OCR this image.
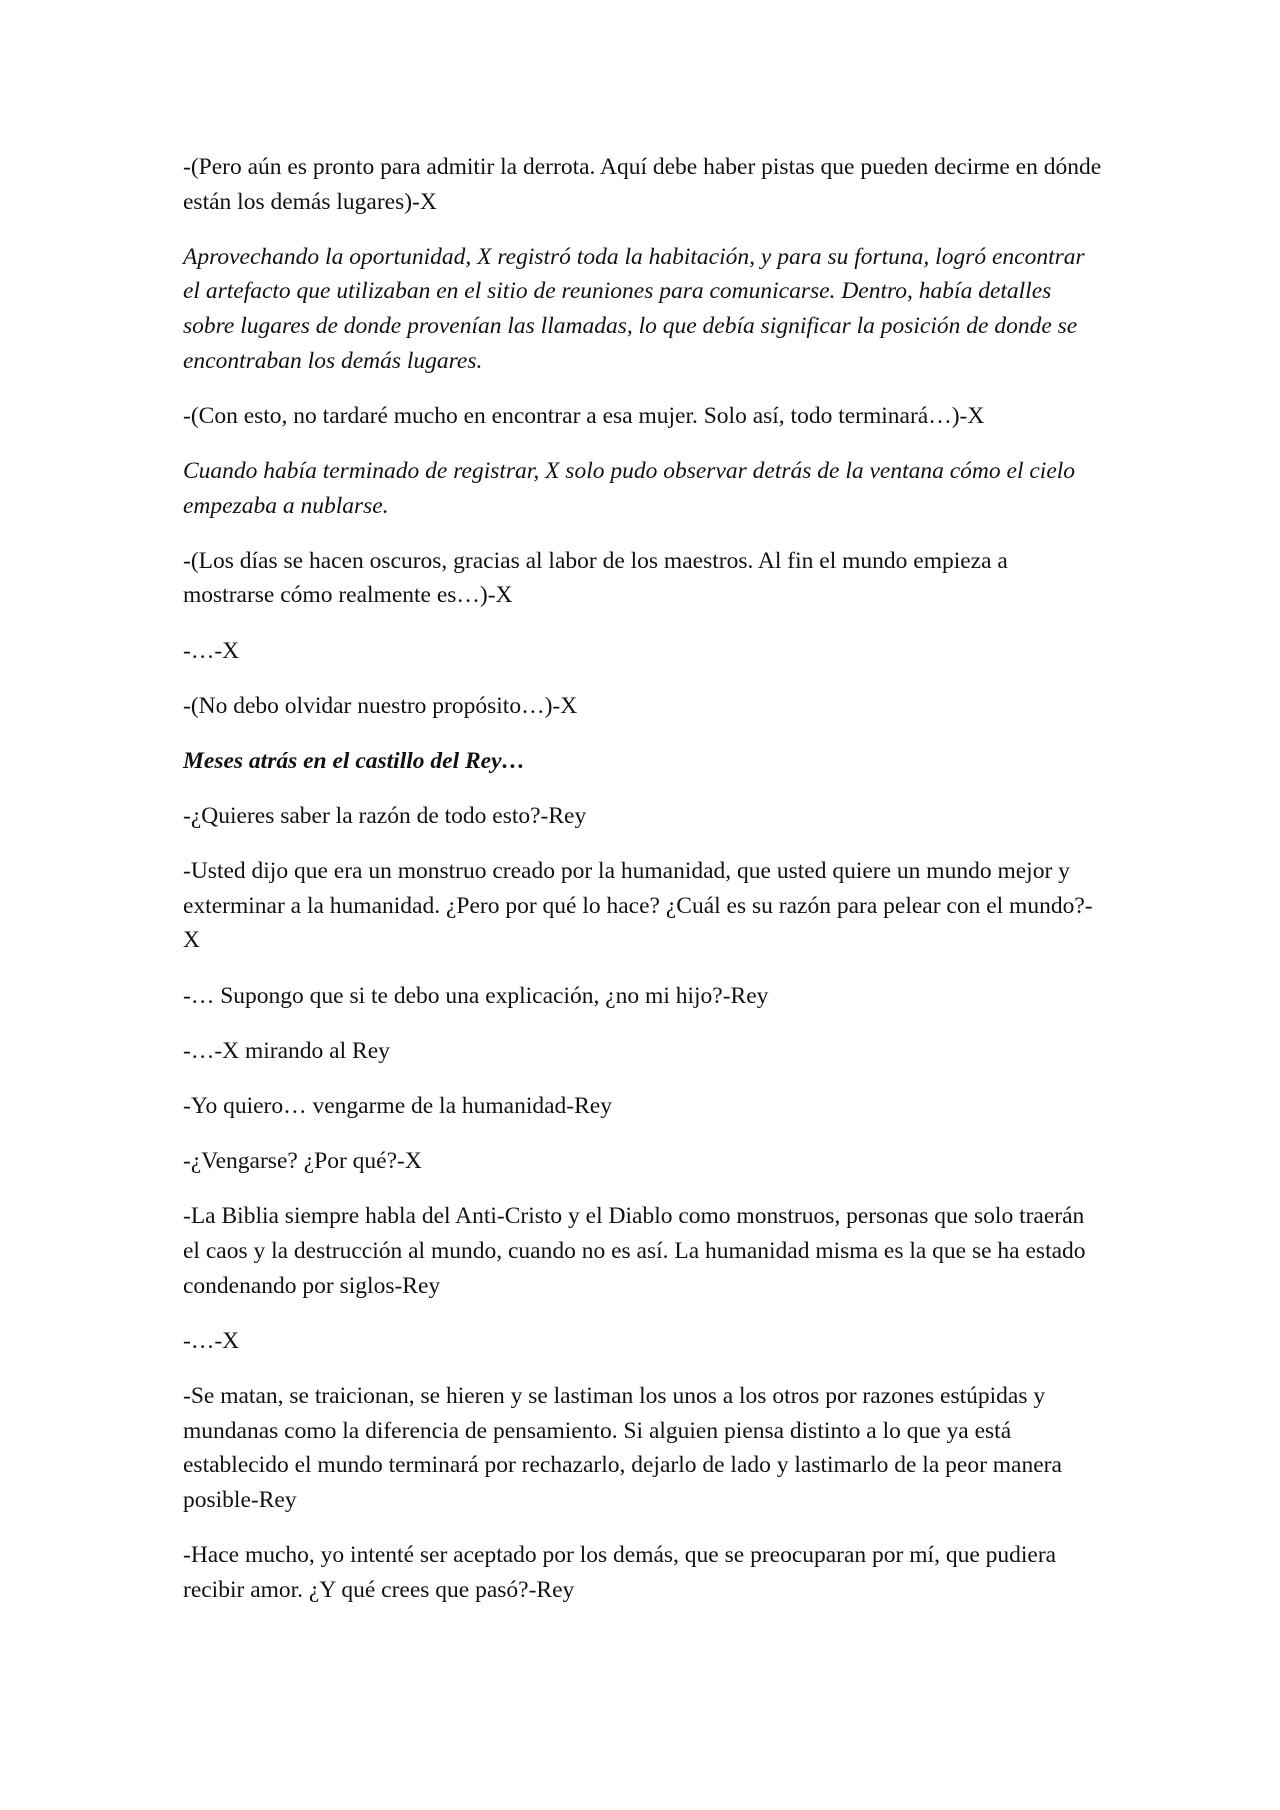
-(Pero aún es pronto para admitir la derrota. Aquí debe haber pistas que pueden decirme en dónde están los demás lugares)-X

Aprovechando la oportunidad, X registró toda la habitación, y para su fortuna, logró encontrar el artefacto que utilizaban en el sitio de reuniones para comunicarse. Dentro, había detalles sobre lugares de donde provenían las llamadas, lo que debía significar la posición de donde se encontraban los demás lugares.

-(Con esto, no tardaré mucho en encontrar a esa mujer. Solo así, todo terminará…)-X

Cuando había terminado de registrar, X solo pudo observar detrás de la ventana cómo el cielo empezaba a nublarse.

-(Los días se hacen oscuros, gracias al labor de los maestros. Al fin el mundo empieza a mostrarse cómo realmente es…)-X

-…-X

-(No debo olvidar nuestro propósito…)-X

Meses atrás en el castillo del Rey…

-¿Quieres saber la razón de todo esto?-Rey

-Usted dijo que era un monstruo creado por la humanidad, que usted quiere un mundo mejor y exterminar a la humanidad. ¿Pero por qué lo hace? ¿Cuál es su razón para pelear con el mundo?-X

-… Supongo que si te debo una explicación, ¿no mi hijo?-Rey

-…-X mirando al Rey

-Yo quiero… vengarme de la humanidad-Rey

-¿Vengarse? ¿Por qué?-X

-La Biblia siempre habla del Anti-Cristo y el Diablo como monstruos, personas que solo traerán el caos y la destrucción al mundo, cuando no es así. La humanidad misma es la que se ha estado condenando por siglos-Rey

-…-X

-Se matan, se traicionan, se hieren y se lastiman los unos a los otros por razones estúpidas y mundanas como la diferencia de pensamiento. Si alguien piensa distinto a lo que ya está establecido el mundo terminará por rechazarlo, dejarlo de lado y lastimarlo de la peor manera posible-Rey

-Hace mucho, yo intenté ser aceptado por los demás, que se preocuparan por mí, que pudiera recibir amor. ¿Y qué crees que pasó?-Rey
